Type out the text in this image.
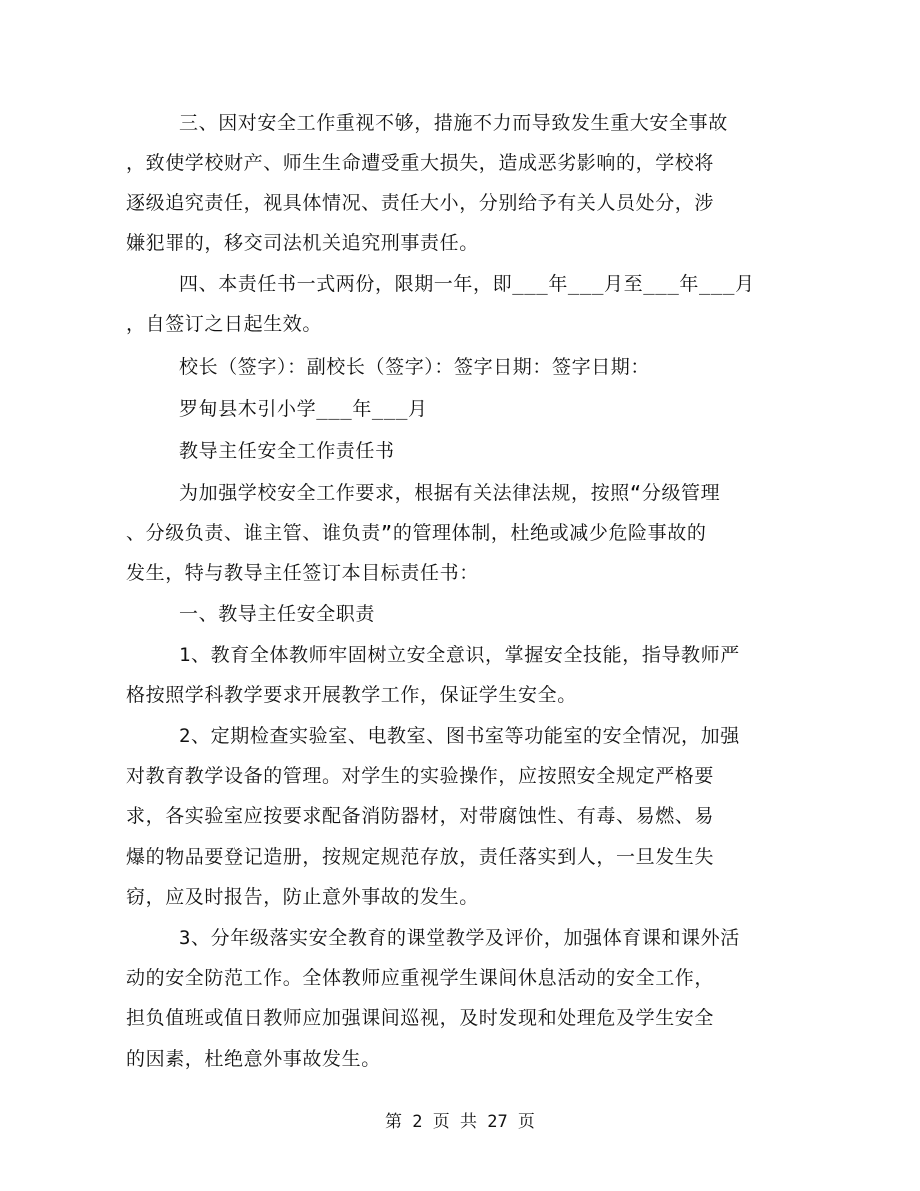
三、因对安全工作重视不够，措施不力而导致发生重大安全事故
，致使学校财产、师生生命遭受重大损失，造成恶劣影响的，学校将
逐级追究责任，视具体情况、责任大小，分别给予有关人员处分，涉
嫌犯罪的，移交司法机关追究刑事责任。
四、本责任书一式两份，限期一年，即___年___月至___年___月
，自签订之日起生效。
校长（签字）：副校长（签字）：签字日期：签字日期：
罗甸县木引小学___年___月
教导主任安全工作责任书
为加强学校安全工作要求，根据有关法律法规，按照“分级管理
、分级负责、谁主管、谁负责”的管理体制，杜绝或减少危险事故的
发生，特与教导主任签订本目标责任书：
一、教导主任安全职责
1、教育全体教师牢固树立安全意识，掌握安全技能，指导教师严
格按照学科教学要求开展教学工作，保证学生安全。
2、定期检查实验室、电教室、图书室等功能室的安全情况，加强
对教育教学设备的管理。对学生的实验操作，应按照安全规定严格要
求，各实验室应按要求配备消防器材，对带腐蚀性、有毒、易燃、易
爆的物品要登记造册，按规定规范存放，责任落实到人，一旦发生失
窃，应及时报告，防止意外事故的发生。
3、分年级落实安全教育的课堂教学及评价，加强体育课和课外活
动的安全防范工作。全体教师应重视学生课间休息活动的安全工作，
担负值班或值日教师应加强课间巡视，及时发现和处理危及学生安全
的因素，杜绝意外事故发生。
第 2 页 共 27 页
